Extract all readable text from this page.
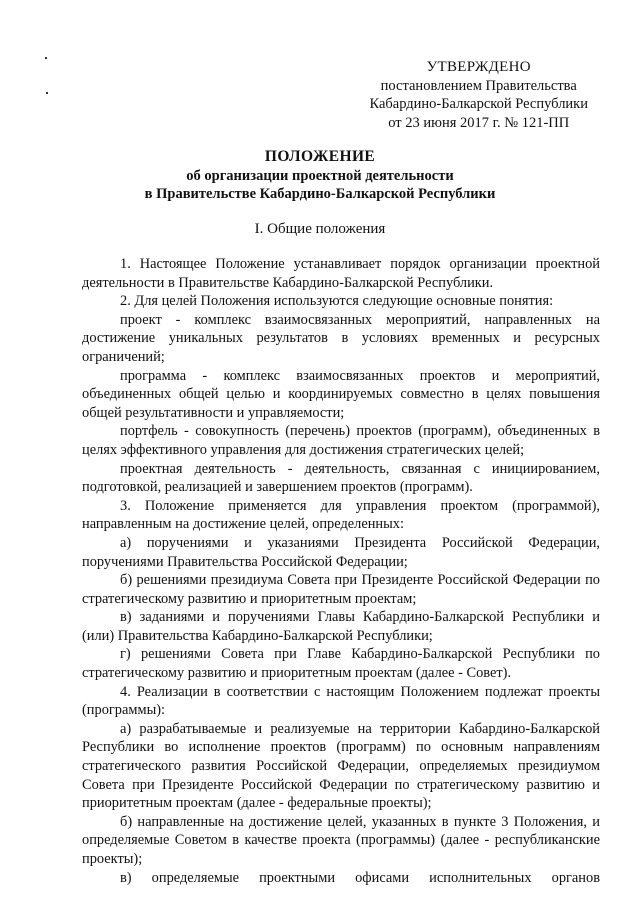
УТВЕРЖДЕНО
постановлением Правительства
Кабардино-Балкарской Республики
от 23 июня 2017 г. № 121-ПП
ПОЛОЖЕНИЕ
об организации проектной деятельности
в Правительстве Кабардино-Балкарской Республики
I. Общие положения

1. Настоящее Положение устанавливает порядок организации проектной деятельности в Правительстве Кабардино-Балкарской Республики.

2. Для целей Положения используются следующие основные понятия:

проект - комплекс взаимосвязанных мероприятий, направленных на достижение уникальных результатов в условиях временных и ресурсных ограничений;

программа - комплекс взаимосвязанных проектов и мероприятий, объединенных общей целью и координируемых совместно в целях повышения общей результативности и управляемости;

портфель - совокупность (перечень) проектов (программ), объединенных в целях эффективного управления для достижения стратегических целей;

проектная деятельность - деятельность, связанная с инициированием, подготовкой, реализацией и завершением проектов (программ).

3. Положение применяется для управления проектом (программой), направленным на достижение целей, определенных:

а) поручениями и указаниями Президента Российской Федерации, поручениями Правительства Российской Федерации;

б) решениями президиума Совета при Президенте Российской Федерации по стратегическому развитию и приоритетным проектам;

в) заданиями и поручениями Главы Кабардино-Балкарской Республики и (или) Правительства Кабардино-Балкарской Республики;

г) решениями Совета при Главе Кабардино-Балкарской Республики по стратегическому развитию и приоритетным проектам (далее - Совет).

4. Реализации в соответствии с настоящим Положением подлежат проекты (программы):

а) разрабатываемые и реализуемые на территории Кабардино-Балкарской Республики во исполнение проектов (программ) по основным направлениям стратегического развития Российской Федерации, определяемых президиумом Совета при Президенте Российской Федерации по стратегическому развитию и приоритетным проектам (далее - федеральные проекты);

б) направленные на достижение целей, указанных в пункте 3 Положения, и определяемые Советом в качестве проекта (программы) (далее - республиканские проекты);

в) определяемые проектными офисами исполнительных органов
